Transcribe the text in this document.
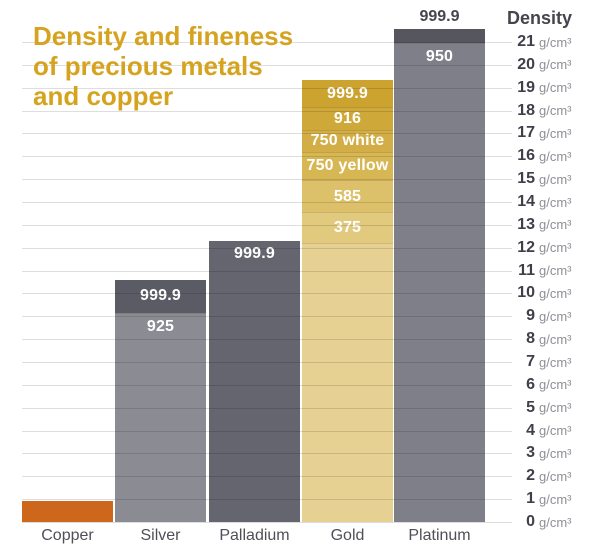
Density and fineness
of precious metals
and copper
Copper
999.9
925
Silver
999.9
Palladium
999.9
916
750 white
750 yellow
585
375
Gold
950
999.9
Platinum
21 g/cm³
20 g/cm³
19 g/cm³
18 g/cm³
17 g/cm³
16 g/cm³
15 g/cm³
14 g/cm³
13 g/cm³
12 g/cm³
11 g/cm³
10 g/cm³
9 g/cm³
8 g/cm³
7 g/cm³
6 g/cm³
5 g/cm³
4 g/cm³
3 g/cm³
2 g/cm³
1 g/cm³
0 g/cm³
Density
